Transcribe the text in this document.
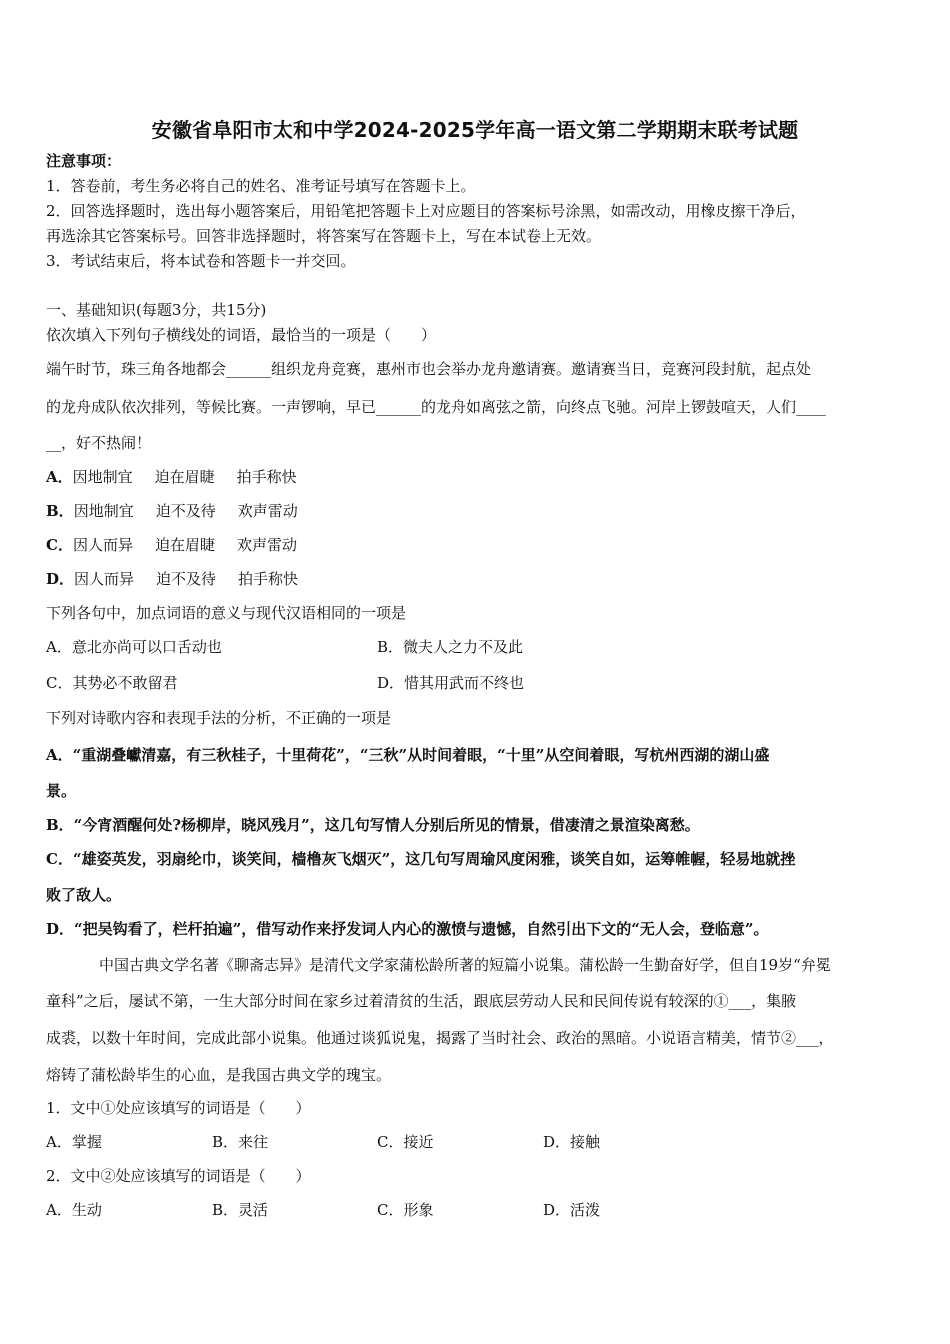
安徽省阜阳市太和中学2024-2025学年高一语文第二学期期末联考试题
注意事项：
1．答卷前，考生务必将自己的姓名、准考证号填写在答题卡上。
2．回答选择题时，选出每小题答案后，用铅笔把答题卡上对应题目的答案标号涂黑，如需改动，用橡皮擦干净后，
再选涂其它答案标号。回答非选择题时，将答案写在答题卡上，写在本试卷上无效。
3．考试结束后，将本试卷和答题卡一并交回。
一、基础知识(每题3分，共15分)
依次填入下列句子横线处的词语，最恰当的一项是（　　）
端午时节，珠三角各地都会______组织龙舟竞赛，惠州市也会举办龙舟邀请赛。邀请赛当日，竞赛河段封航，起点处
的龙舟成队依次排列，等候比赛。一声锣响，早已______的龙舟如离弦之箭，向终点飞驰。河岸上锣鼓喧天，人们____
__，好不热闹！
A．因地制宜 迫在眉睫 拍手称快
B．因地制宜 迫不及待 欢声雷动
C．因人而异 迫在眉睫 欢声雷动
D．因人而异 迫不及待 拍手称快
下列各句中，加点词语的意义与现代汉语相同的一项是
A．意北亦尚可以口舌动也	B．微夫人之力不及此
C．其势必不敢留君	D．惜其用武而不终也
下列对诗歌内容和表现手法的分析，不正确的一项是
A．“重湖叠巘清嘉，有三秋桂子，十里荷花”，“三秋”从时间着眼，“十里”从空间着眼，写杭州西湖的湖山盛
景。
B．“今宵酒醒何处?杨柳岸，晓风残月”，这几句写情人分别后所见的情景，借凄清之景渲染离愁。
C．“雄姿英发，羽扇纶巾，谈笑间，樯橹灰飞烟灭”，这几句写周瑜风度闲雅，谈笑自如，运筹帷幄，轻易地就挫
败了敌人。
D．“把吴钩看了，栏杆拍遍”，借写动作来抒发词人内心的激愤与遗憾，自然引出下文的“无人会，登临意”。
中国古典文学名著《聊斋志异》是清代文学家蒲松龄所著的短篇小说集。蒲松龄一生勤奋好学，但自19岁“弁冕
童科”之后，屡试不第，一生大部分时间在家乡过着清贫的生活，跟底层劳动人民和民间传说有较深的①___，集腋
成裘，以数十年时间，完成此部小说集。他通过谈狐说鬼，揭露了当时社会、政治的黑暗。小说语言精美，情节②___，
熔铸了蒲松龄毕生的心血，是我国古典文学的瑰宝。
1．文中①处应该填写的词语是（　　）
A．掌握	B．来往	C．接近	D．接触
2．文中②处应该填写的词语是（　　）
A．生动	B．灵活	C．形象	D．活泼
